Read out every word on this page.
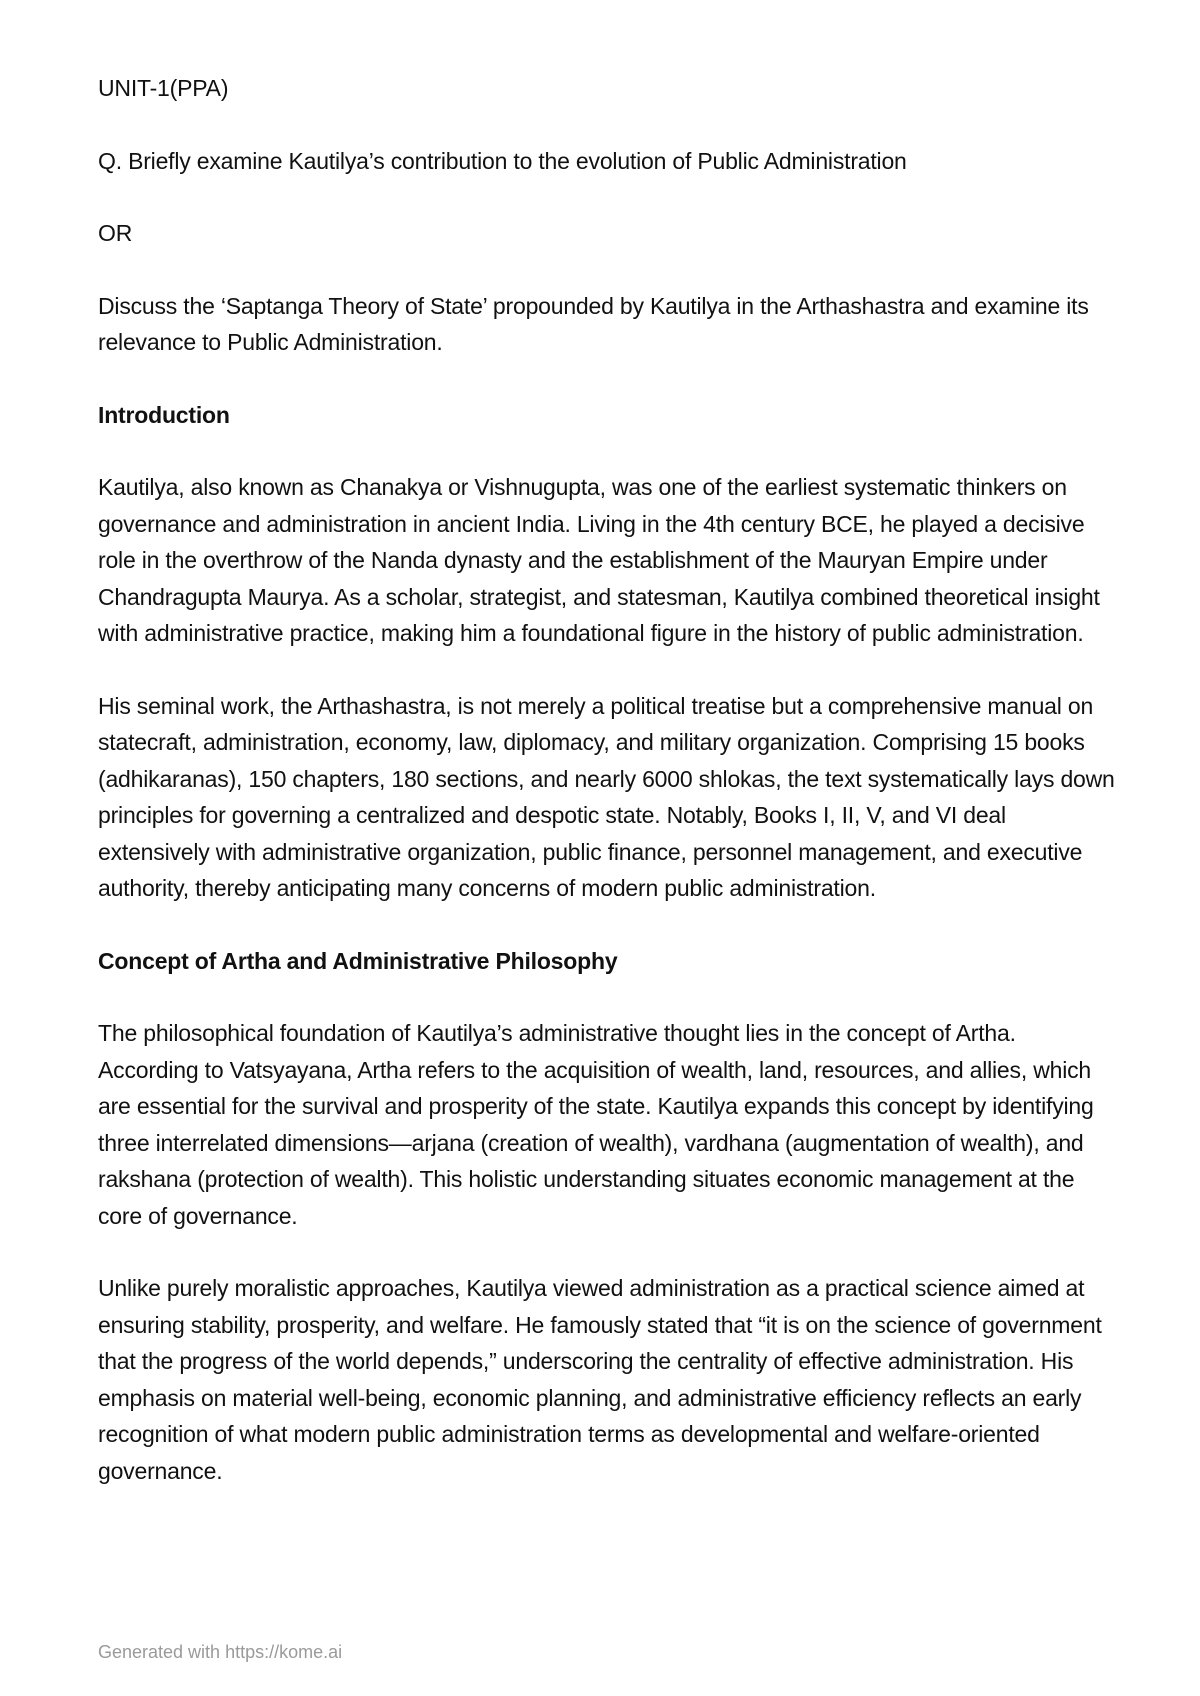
UNIT-1(PPA)

Q. Briefly examine Kautilya’s contribution to the evolution of Public Administration

OR

Discuss the ‘Saptanga Theory of State’ propounded by Kautilya in the Arthashastra and examine its relevance to Public Administration.

Introduction

Kautilya, also known as Chanakya or Vishnugupta, was one of the earliest systematic thinkers on governance and administration in ancient India. Living in the 4th century BCE, he played a decisive role in the overthrow of the Nanda dynasty and the establishment of the Mauryan Empire under Chandragupta Maurya. As a scholar, strategist, and statesman, Kautilya combined theoretical insight with administrative practice, making him a foundational figure in the history of public administration.

His seminal work, the Arthashastra, is not merely a political treatise but a comprehensive manual on statecraft, administration, economy, law, diplomacy, and military organization. Comprising 15 books (adhikaranas), 150 chapters, 180 sections, and nearly 6000 shlokas, the text systematically lays down principles for governing a centralized and despotic state. Notably, Books I, II, V, and VI deal extensively with administrative organization, public finance, personnel management, and executive authority, thereby anticipating many concerns of modern public administration.

Concept of Artha and Administrative Philosophy

The philosophical foundation of Kautilya’s administrative thought lies in the concept of Artha. According to Vatsyayana, Artha refers to the acquisition of wealth, land, resources, and allies, which are essential for the survival and prosperity of the state. Kautilya expands this concept by identifying three interrelated dimensions—arjana (creation of wealth), vardhana (augmentation of wealth), and rakshana (protection of wealth). This holistic understanding situates economic management at the core of governance.

Unlike purely moralistic approaches, Kautilya viewed administration as a practical science aimed at ensuring stability, prosperity, and welfare. He famously stated that “it is on the science of government that the progress of the world depends,” underscoring the centrality of effective administration. His emphasis on material well-being, economic planning, and administrative efficiency reflects an early recognition of what modern public administration terms as developmental and welfare-oriented governance.

Generated with https://kome.ai
